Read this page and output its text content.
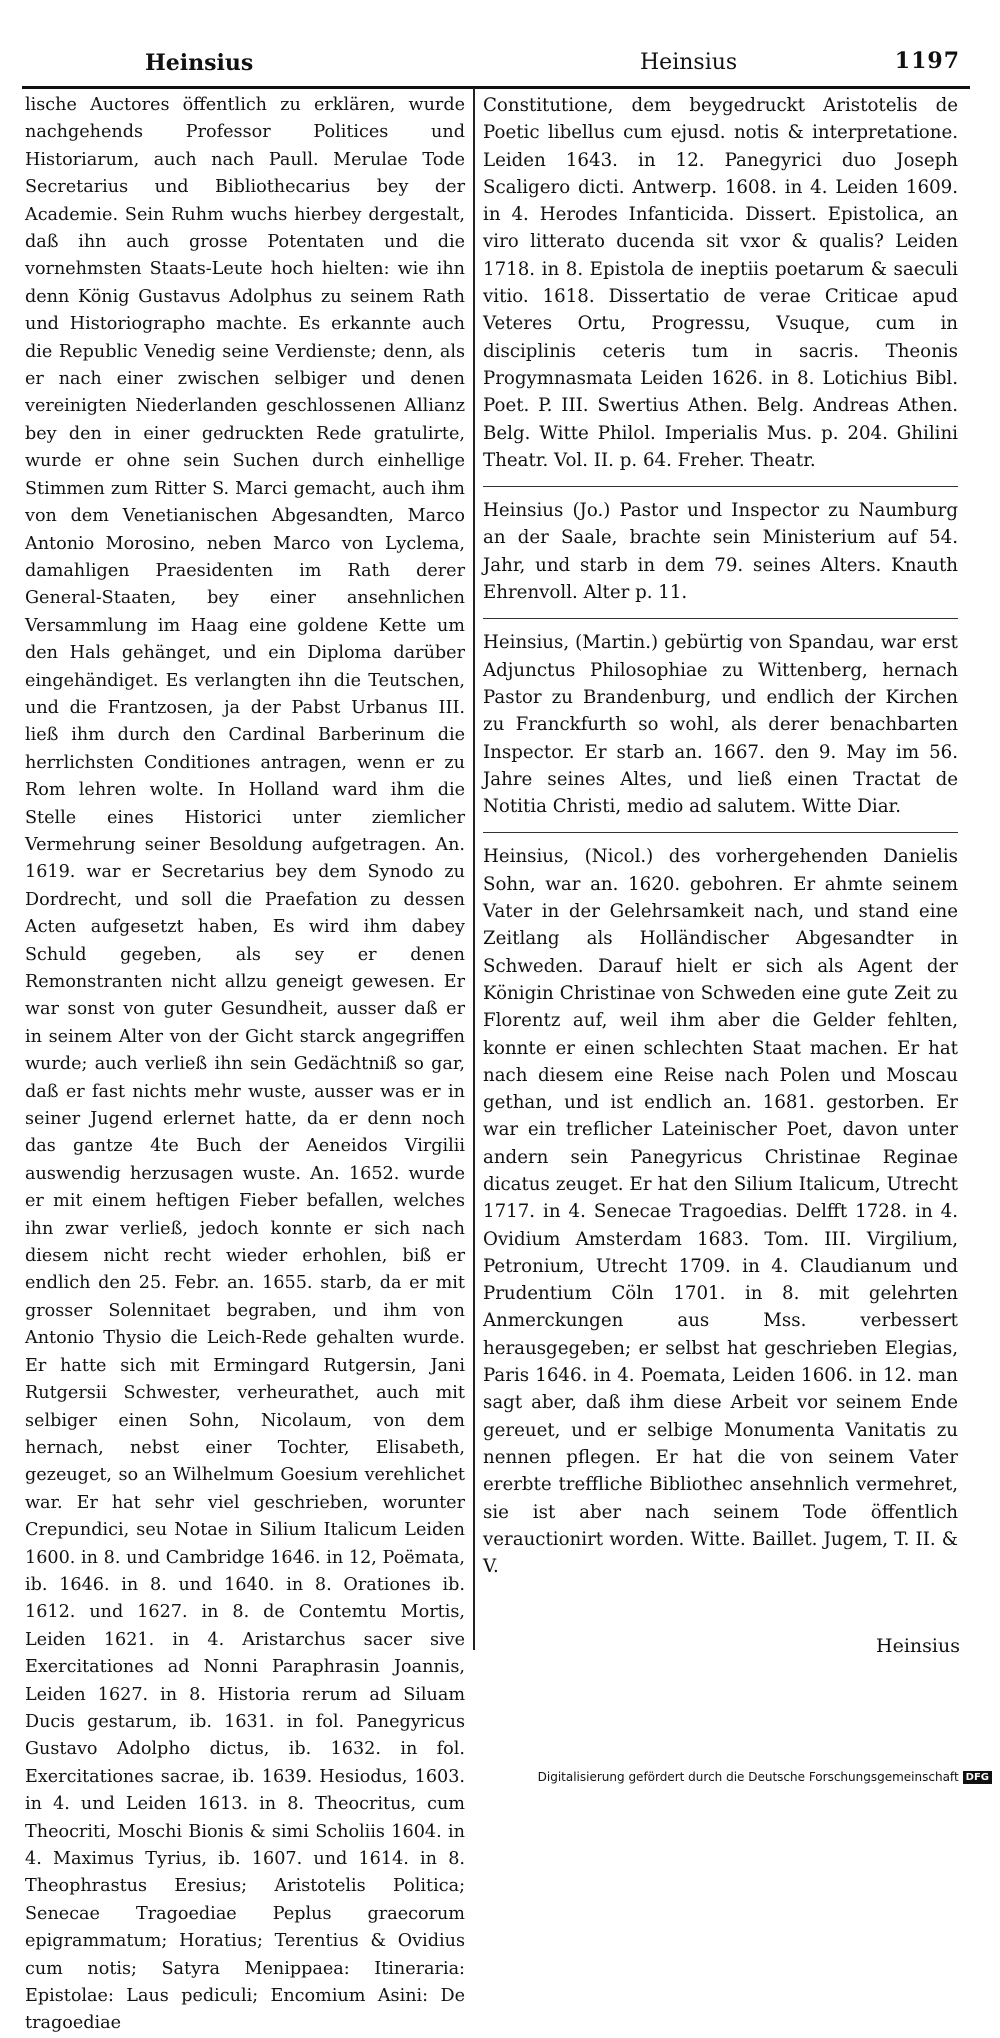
Heinsius	Heinsius	1197

lische Auctores öffentlich zu erklären, wurde nachgehends Professor Politices und Historiarum, auch nach Paull. Merulae Tode Secretarius und Bibliothecarius bey der Academie. Sein Ruhm wuchs hierbey dergestalt, daß ihn auch grosse Potentaten und die vornehmsten Staats-Leute hoch hielten: wie ihn denn König Gustavus Adolphus zu seinem Rath und Historiographo machte. Es erkannte auch die Republic Venedig seine Verdienste; denn, als er nach einer zwischen selbiger und denen vereinigten Niederlanden geschlossenen Allianz bey den in einer gedruckten Rede gratulirte, wurde er ohne sein Suchen durch einhellige Stimmen zum Ritter S. Marci gemacht, auch ihm von dem Venetianischen Abgesandten, Marco Antonio Morosino, neben Marco von Lyclema, damahligen Praesidenten im Rath derer General-Staaten, bey einer ansehnlichen Versammlung im Haag eine goldene Kette um den Hals gehänget, und ein Diploma darüber eingehändiget. Es verlangten ihn die Teutschen, und die Frantzosen, ja der Pabst Urbanus III. ließ ihm durch den Cardinal Barberinum die herrlichsten Conditiones antragen, wenn er zu Rom lehren wolte. In Holland ward ihm die Stelle eines Historici unter ziemlicher Vermehrung seiner Besoldung aufgetragen. An. 1619. war er Secretarius bey dem Synodo zu Dordrecht, und soll die Praefation zu dessen Acten aufgesetzt haben, Es wird ihm dabey Schuld gegeben, als sey er denen Remonstranten nicht allzu geneigt gewesen. Er war sonst von guter Gesundheit, ausser daß er in seinem Alter von der Gicht starck angegriffen wurde; auch verließ ihn sein Gedächtniß so gar, daß er fast nichts mehr wuste, ausser was er in seiner Jugend erlernet hatte, da er denn noch das gantze 4te Buch der Aeneidos Virgilii auswendig herzusagen wuste. An. 1652. wurde er mit einem heftigen Fieber befallen, welches ihn zwar verließ, jedoch konnte er sich nach diesem nicht recht wieder erhohlen, biß er endlich den 25. Febr. an. 1655. starb, da er mit grosser Solennitaet begraben, und ihm von Antonio Thysio die Leich-Rede gehalten wurde. Er hatte sich mit Ermingard Rutgersin, Jani Rutgersii Schwester, verheurathet, auch mit selbiger einen Sohn, Nicolaum, von dem hernach, nebst einer Tochter, Elisabeth, gezeuget, so an Wilhelmum Goesium verehlichet war. Er hat sehr viel geschrieben, worunter Crepundici, seu Notae in Silium Italicum Leiden 1600. in 8. und Cambridge 1646. in 12, Poëmata, ib. 1646. in 8. und 1640. in 8. Orationes ib. 1612. und 1627. in 8. de Contemtu Mortis, Leiden 1621. in 4. Aristarchus sacer sive Exercitationes ad Nonni Paraphrasin Joannis, Leiden 1627. in 8. Historia rerum ad Siluam Ducis gestarum, ib. 1631. in fol. Panegyricus Gustavo Adolpho dictus, ib. 1632. in fol. Exercitationes sacrae, ib. 1639. Hesiodus, 1603. in 4. und Leiden 1613. in 8. Theocritus, cum Theocriti, Moschi Bionis & simi Scholiis 1604. in 4. Maximus Tyrius, ib. 1607. und 1614. in 8. Theophrastus Eresius; Aristotelis Politica; Senecae Tragoediae Peplus graecorum epigrammatum; Horatius; Terentius & Ovidius cum notis; Satyra Menippaea: Itineraria: Epistolae: Laus pediculi; Encomium Asini: De tragoediae

Constitutione, dem beygedruckt Aristotelis de Poetic libellus cum ejusd. notis & interpretatione. Leiden 1643. in 12. Panegyrici duo Joseph Scaligero dicti. Antwerp. 1608. in 4. Leiden 1609. in 4. Herodes Infanticida. Dissert. Epistolica, an viro litterato ducenda sit vxor & qualis? Leiden 1718. in 8. Epistola de ineptiis poetarum & saeculi vitio. 1618. Dissertatio de verae Criticae apud Veteres Ortu, Progressu, Vsuque, cum in disciplinis ceteris tum in sacris. Theonis Progymnasmata Leiden 1626. in 8. Lotichius Bibl. Poet. P. III. Swertius Athen. Belg. Andreas Athen. Belg. Witte Philol. Imperialis Mus. p. 204. Ghilini Theatr. Vol. II. p. 64. Freher. Theatr.

Heinsius (Jo.) Pastor und Inspector zu Naumburg an der Saale, brachte sein Ministerium auf 54. Jahr, und starb in dem 79. seines Alters. Knauth Ehrenvoll. Alter p. 11.

Heinsius, (Martin.) gebürtig von Spandau, war erst Adjunctus Philosophiae zu Wittenberg, hernach Pastor zu Brandenburg, und endlich der Kirchen zu Franckfurth so wohl, als derer benachbarten Inspector. Er starb an. 1667. den 9. May im 56. Jahre seines Altes, und ließ einen Tractat de Notitia Christi, medio ad salutem. Witte Diar.

Heinsius, (Nicol.) des vorhergehenden Danielis Sohn, war an. 1620. gebohren. Er ahmte seinem Vater in der Gelehrsamkeit nach, und stand eine Zeitlang als Holländischer Abgesandter in Schweden. Darauf hielt er sich als Agent der Königin Christinae von Schweden eine gute Zeit zu Florentz auf, weil ihm aber die Gelder fehlten, konnte er einen schlechten Staat machen. Er hat nach diesem eine Reise nach Polen und Moscau gethan, und ist endlich an. 1681. gestorben. Er war ein treflicher Lateinischer Poet, davon unter andern sein Panegyricus Christinae Reginae dicatus zeuget. Er hat den Silium Italicum, Utrecht 1717. in 4. Senecae Tragoedias. Delfft 1728. in 4. Ovidium Amsterdam 1683. Tom. III. Virgilium, Petronium, Utrecht 1709. in 4. Claudianum und Prudentium Cöln 1701. in 8. mit gelehrten Anmerckungen aus Mss. verbessert herausgegeben; er selbst hat geschrieben Elegias, Paris 1646. in 4. Poemata, Leiden 1606. in 12. man sagt aber, daß ihm diese Arbeit vor seinem Ende gereuet, und er selbige Monumenta Vanitatis zu nennen pflegen. Er hat die von seinem Vater ererbte treffliche Bibliothec ansehnlich vermehret, sie ist aber nach seinem Tode öffentlich verauctionirt worden. Witte. Baillet. Jugem, T. II. & V.

Heinsius
Digitalisierung gefördert durch die Deutsche Forschungsgemeinschaft DFG
